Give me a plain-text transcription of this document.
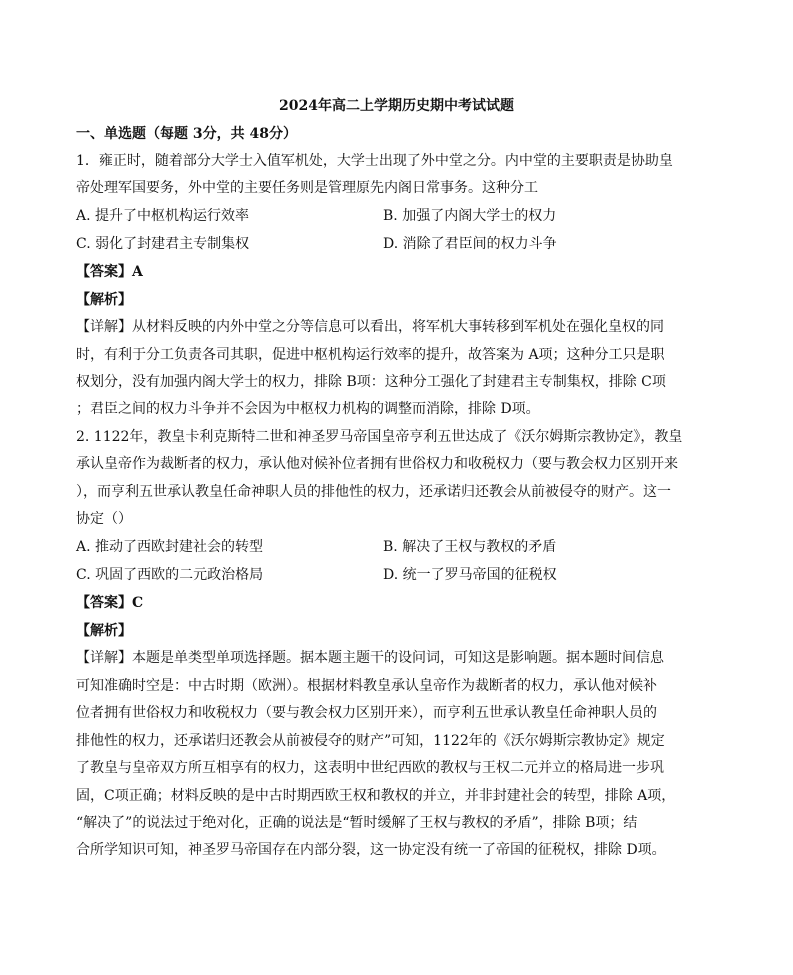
2024年高二上学期历史期中考试试题
一、单选题（每题 3分，共 48分）
1．雍正时，随着部分大学士入值军机处，大学士出现了外中堂之分。内中堂的主要职责是协助皇
帝处理军国要务，外中堂的主要任务则是管理原先内阁日常事务。这种分工
A. 提升了中枢机构运行效率	B. 加强了内阁大学士的权力
C. 弱化了封建君主专制集权	D. 消除了君臣间的权力斗争
【答案】A
【解析】
【详解】从材料反映的内外中堂之分等信息可以看出，将军机大事转移到军机处在强化皇权的同
时，有利于分工负责各司其职，促进中枢机构运行效率的提升，故答案为 A项；这种分工只是职
权划分，没有加强内阁大学士的权力，排除 B项：这种分工强化了封建君主专制集权，排除 C项
；君臣之间的权力斗争并不会因为中枢权力机构的调整而消除，排除 D项。
2. 1122年，教皇卡利克斯特二世和神圣罗马帝国皇帝亨利五世达成了《沃尔姆斯宗教协定》，教皇
承认皇帝作为裁断者的权力，承认他对候补位者拥有世俗权力和收税权力（要与教会权力区别开来
），而亨利五世承认教皇任命神职人员的排他性的权力，还承诺归还教会从前被侵夺的财产。这一
协定（）
A. 推动了西欧封建社会的转型	B. 解决了王权与教权的矛盾
C. 巩固了西欧的二元政治格局	D. 统一了罗马帝国的征税权
【答案】C
【解析】
【详解】本题是单类型单项选择题。据本题主题干的设问词，可知这是影响题。据本题时间信息
可知准确时空是：中古时期（欧洲）。根据材料教皇承认皇帝作为裁断者的权力，承认他对候补
位者拥有世俗权力和收税权力（要与教会权力区别开来），而亨利五世承认教皇任命神职人员的
排他性的权力，还承诺归还教会从前被侵夺的财产”可知，1122年的《沃尔姆斯宗教协定》规定
了教皇与皇帝双方所互相享有的权力，这表明中世纪西欧的教权与王权二元并立的格局进一步巩
固，C项正确；材料反映的是中古时期西欧王权和教权的并立，并非封建社会的转型，排除 A项，
“解决了”的说法过于绝对化，正确的说法是“暂时缓解了王权与教权的矛盾”，排除 B项；结
合所学知识可知，神圣罗马帝国存在内部分裂，这一协定没有统一了帝国的征税权，排除 D项。
